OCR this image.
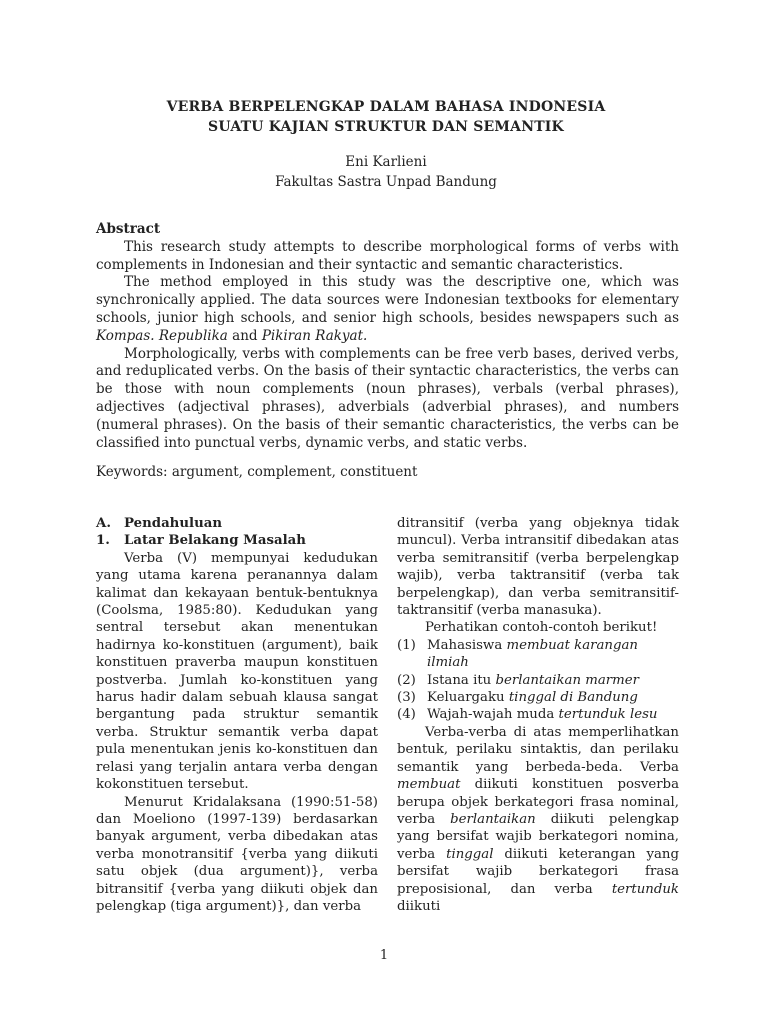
VERBA BERPELENGKAP DALAM BAHASA INDONESIA
SUATU KAJIAN STRUKTUR DAN SEMANTIK
Eni Karlieni
Fakultas Sastra Unpad Bandung
Abstract

This research study attempts to describe morphological forms of verbs with complements in Indonesian and their syntactic and semantic characteristics.

The method employed in this study was the descriptive one, which was synchronically applied. The data sources were Indonesian textbooks for elementary schools, junior high schools, and senior high schools, besides newspapers such as Kompas. Republika and Pikiran Rakyat.

Morphologically, verbs with complements can be free verb bases, derived verbs, and reduplicated verbs. On the basis of their syntactic characteristics, the verbs can be those with noun complements (noun phrases), verbals (verbal phrases), adjectives (adjectival phrases), adverbials (adverbial phrases), and numbers (numeral phrases). On the basis of their semantic characteristics, the verbs can be classified into punctual verbs, dynamic verbs, and static verbs.

Keywords: argument, complement, constituent
A. Pendahuluan
1.	Latar Belakang Masalah

Verba (V) mempunyai kedudukan yang utama karena peranannya dalam kalimat dan kekayaan bentuk-bentuknya (Coolsma, 1985:80). Kedudukan yang sentral tersebut akan menentukan hadirnya ko-konstituen (argument), baik konstituen praverba maupun konstituen postverba. Jumlah ko-konstituen yang harus hadir dalam sebuah klausa sangat bergantung pada struktur semantik verba. Struktur semantik verba dapat pula menentukan jenis ko-konstituen dan relasi yang terjalin antara verba dengan kokonstituen tersebut.

Menurut Kridalaksana (1990:51-58) dan Moeliono (1997-139) berdasarkan banyak argument, verba dibedakan atas verba monotransitif {verba yang diikuti satu objek (dua argument)}, verba bitransitif {verba yang diikuti objek dan pelengkap (tiga argument)}, dan verba

ditransitif (verba yang objeknya tidak muncul). Verba intransitif dibedakan atas verba semitransitif (verba berpelengkap wajib), verba taktransitif (verba tak berpelengkap), dan verba semitransitif-taktransitif (verba manasuka).

Perhatikan contoh-contoh berikut!

(1) Mahasiswa membuat karangan ilmiah
(2) Istana itu berlantaikan marmer
(3) Keluargaku tinggal di Bandung
(4) Wajah-wajah muda tertunduk lesu

Verba-verba di atas memperlihatkan bentuk, perilaku sintaktis, dan perilaku semantik yang berbeda-beda. Verba membuat diikuti konstituen posverba berupa objek berkategori frasa nominal, verba berlantaikan diikuti pelengkap yang bersifat wajib berkategori nomina, verba tinggal diikuti keterangan yang bersifat wajib berkategori frasa preposisional, dan verba tertunduk diikuti

1
